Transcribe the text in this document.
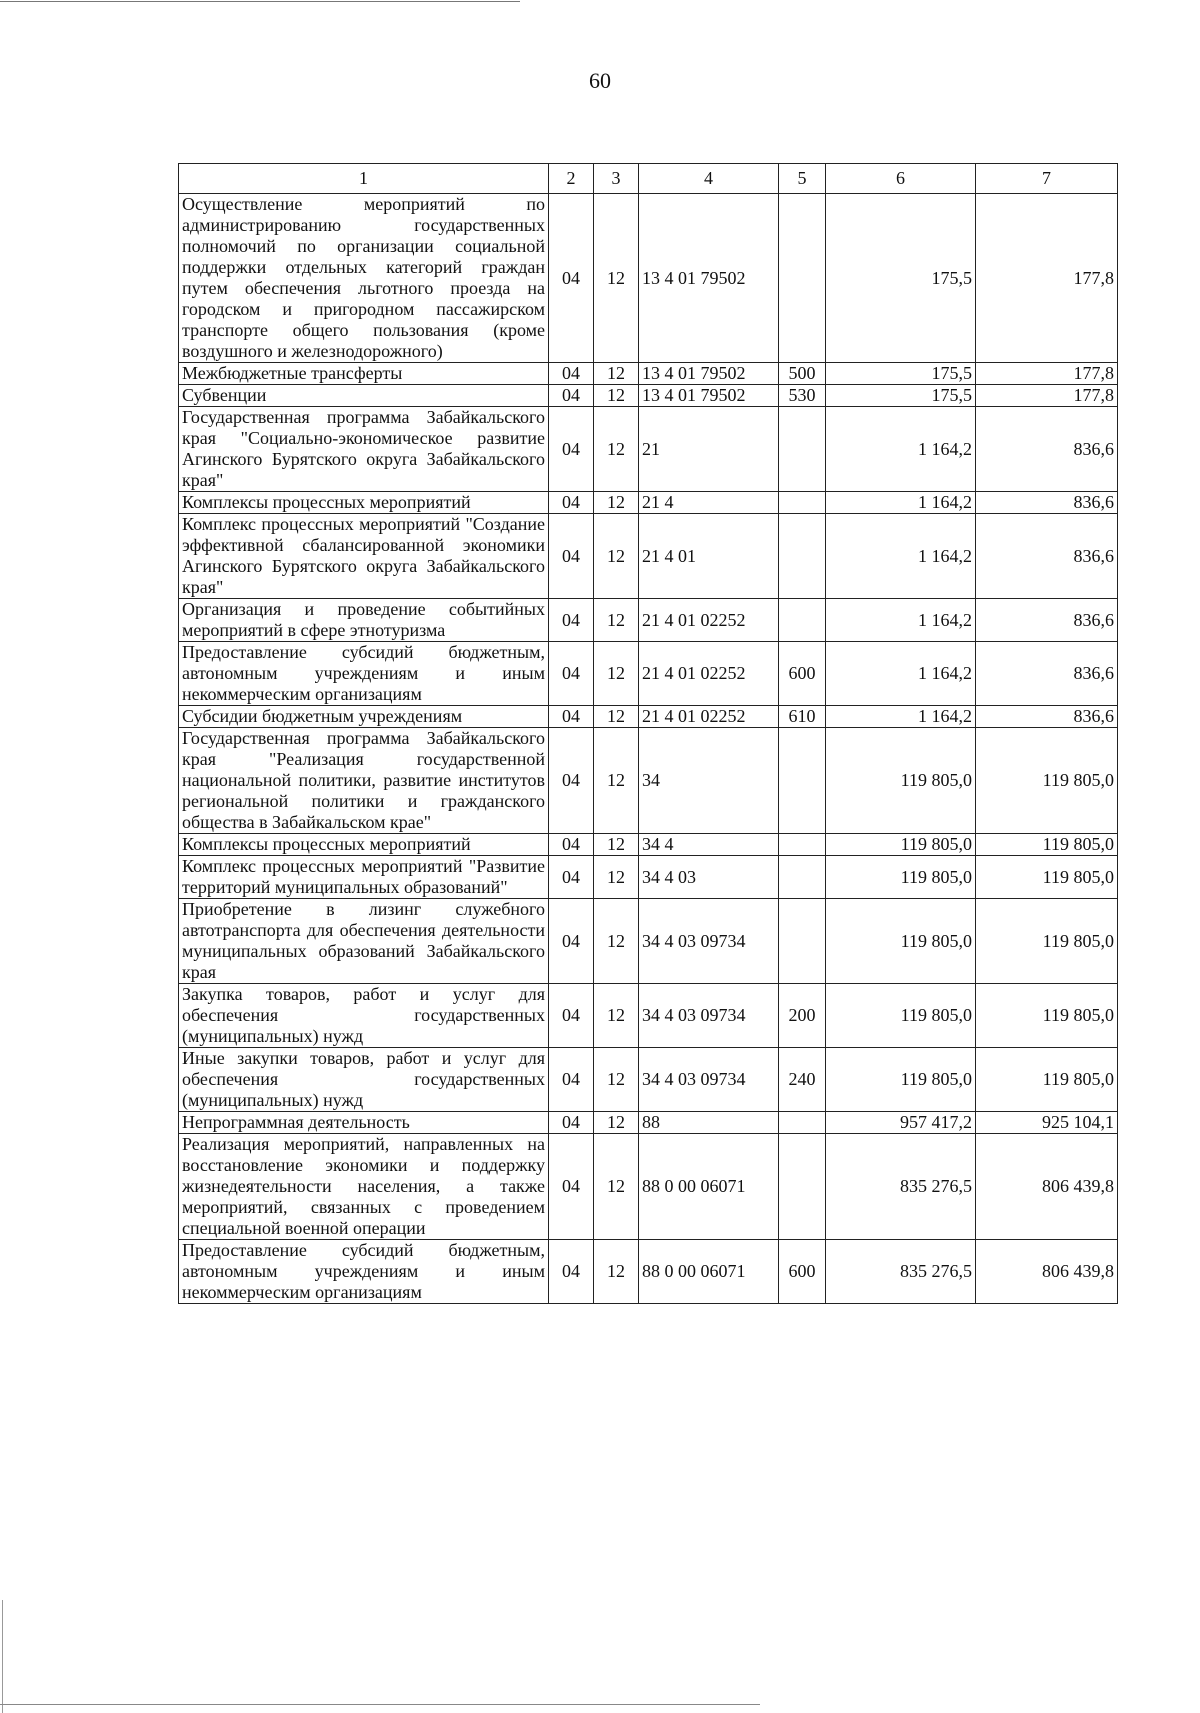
60
1	2	3	4	5	6	7
Осуществление мероприятий по администрированию государственных полномочий по организации социальной поддержки отдельных категорий граждан путем обеспечения льготного проезда на городском и пригородном пассажирском транспорте общего пользования (кроме воздушного и железнодорожного)	04	12	13 4 01 79502		175,5	177,8
Межбюджетные трансферты	04	12	13 4 01 79502	500	175,5	177,8
Субвенции	04	12	13 4 01 79502	530	175,5	177,8
Государственная программа Забайкальского края "Социально-экономическое развитие Агинского Бурятского округа Забайкальского края"	04	12	21		1 164,2	836,6
Комплексы процессных мероприятий	04	12	21 4		1 164,2	836,6
Комплекс процессных мероприятий "Создание эффективной сбалансированной экономики Агинского Бурятского округа Забайкальского края"	04	12	21 4 01		1 164,2	836,6
Организация и проведение событийных мероприятий в сфере этнотуризма	04	12	21 4 01 02252		1 164,2	836,6
Предоставление субсидий бюджетным, автономным учреждениям и иным некоммерческим организациям	04	12	21 4 01 02252	600	1 164,2	836,6
Субсидии бюджетным учреждениям	04	12	21 4 01 02252	610	1 164,2	836,6
Государственная программа Забайкальского края "Реализация государственной национальной политики, развитие институтов региональной политики и гражданского общества в Забайкальском крае"	04	12	34		119 805,0	119 805,0
Комплексы процессных мероприятий	04	12	34 4		119 805,0	119 805,0
Комплекс процессных мероприятий "Развитие территорий муниципальных образований"	04	12	34 4 03		119 805,0	119 805,0
Приобретение в лизинг служебного автотранспорта для обеспечения деятельности муниципальных образований Забайкальского края	04	12	34 4 03 09734		119 805,0	119 805,0
Закупка товаров, работ и услуг для обеспечения государственных (муниципальных) нужд	04	12	34 4 03 09734	200	119 805,0	119 805,0
Иные закупки товаров, работ и услуг для обеспечения государственных (муниципальных) нужд	04	12	34 4 03 09734	240	119 805,0	119 805,0
Непрограммная деятельность	04	12	88		957 417,2	925 104,1
Реализация мероприятий, направленных на восстановление экономики и поддержку жизнедеятельности населения, а также мероприятий, связанных с проведением специальной военной операции	04	12	88 0 00 06071		835 276,5	806 439,8
Предоставление субсидий бюджетным, автономным учреждениям и иным некоммерческим организациям	04	12	88 0 00 06071	600	835 276,5	806 439,8
